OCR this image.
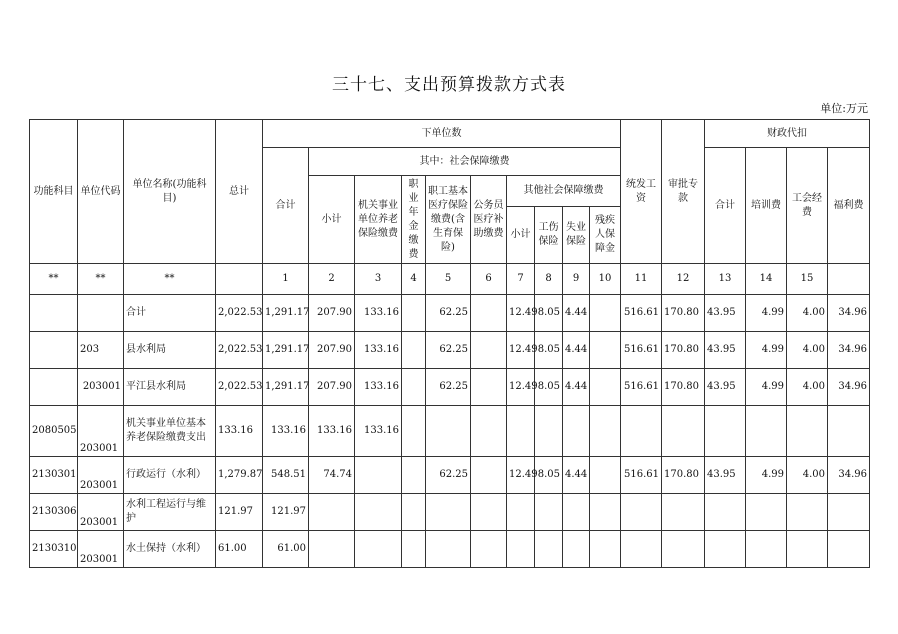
三十七、支出预算拨款方式表
单位:万元
功能科目	单位代码	单位名称(功能科目)	总计	下单位数										统发工资	审批专款	财政代扣			
				合计	其中：社会保障缴费											合计	培训费	工会经费	福利费
					小计	机关事业单位养老保险缴费	职业年金缴费	职工基本医疗保险缴费(含生育保险)	公务员医疗补助缴费	其他社会保障缴费									
										小计	工伤保险	失业保险	残疾人保障金						
**	**	**		1	2	3	4	5	6	7	8	9	10	11	12	13	14	15	
		合计	2,022.53	1,291.17	207.90	133.16		62.25		12.49	8.05	4.44		516.61	170.80	43.95	4.99	4.00	34.96
	203	县水利局	2,022.53	1,291.17	207.90	133.16		62.25		12.49	8.05	4.44		516.61	170.80	43.95	4.99	4.00	34.96
	203001	平江县水利局	2,022.53	1,291.17	207.90	133.16		62.25		12.49	8.05	4.44		516.61	170.80	43.95	4.99	4.00	34.96
2080505	203001	机关事业单位基本养老保险缴费支出	133.16	133.16	133.16	133.16													
2130301	203001	行政运行（水利）	1,279.87	548.51	74.74			62.25		12.49	8.05	4.44		516.61	170.80	43.95	4.99	4.00	34.96
2130306	203001	水利工程运行与维护	121.97	121.97															
2130310	203001	水土保持（水利）	61.00	61.00															
